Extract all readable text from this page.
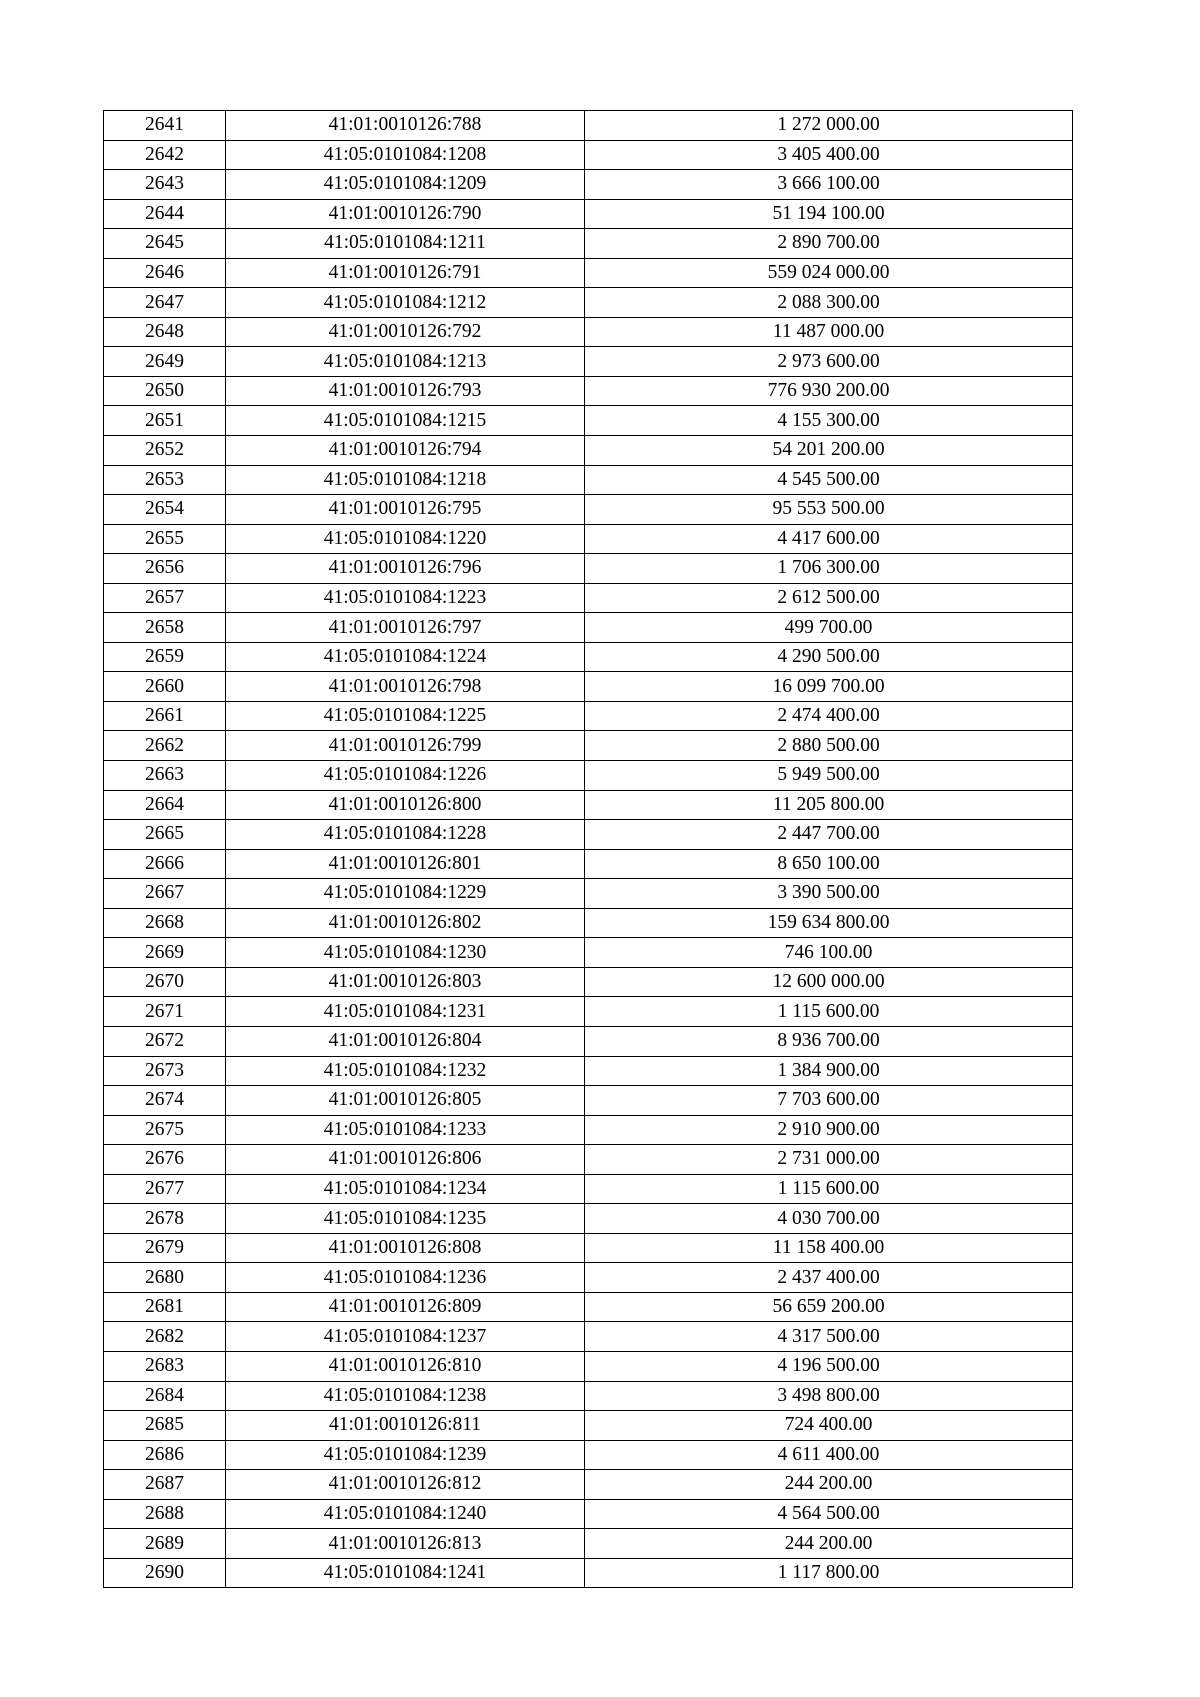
2641	41:01:0010126:788	1 272 000.00
2642	41:05:0101084:1208	3 405 400.00
2643	41:05:0101084:1209	3 666 100.00
2644	41:01:0010126:790	51 194 100.00
2645	41:05:0101084:1211	2 890 700.00
2646	41:01:0010126:791	559 024 000.00
2647	41:05:0101084:1212	2 088 300.00
2648	41:01:0010126:792	11 487 000.00
2649	41:05:0101084:1213	2 973 600.00
2650	41:01:0010126:793	776 930 200.00
2651	41:05:0101084:1215	4 155 300.00
2652	41:01:0010126:794	54 201 200.00
2653	41:05:0101084:1218	4 545 500.00
2654	41:01:0010126:795	95 553 500.00
2655	41:05:0101084:1220	4 417 600.00
2656	41:01:0010126:796	1 706 300.00
2657	41:05:0101084:1223	2 612 500.00
2658	41:01:0010126:797	499 700.00
2659	41:05:0101084:1224	4 290 500.00
2660	41:01:0010126:798	16 099 700.00
2661	41:05:0101084:1225	2 474 400.00
2662	41:01:0010126:799	2 880 500.00
2663	41:05:0101084:1226	5 949 500.00
2664	41:01:0010126:800	11 205 800.00
2665	41:05:0101084:1228	2 447 700.00
2666	41:01:0010126:801	8 650 100.00
2667	41:05:0101084:1229	3 390 500.00
2668	41:01:0010126:802	159 634 800.00
2669	41:05:0101084:1230	746 100.00
2670	41:01:0010126:803	12 600 000.00
2671	41:05:0101084:1231	1 115 600.00
2672	41:01:0010126:804	8 936 700.00
2673	41:05:0101084:1232	1 384 900.00
2674	41:01:0010126:805	7 703 600.00
2675	41:05:0101084:1233	2 910 900.00
2676	41:01:0010126:806	2 731 000.00
2677	41:05:0101084:1234	1 115 600.00
2678	41:05:0101084:1235	4 030 700.00
2679	41:01:0010126:808	11 158 400.00
2680	41:05:0101084:1236	2 437 400.00
2681	41:01:0010126:809	56 659 200.00
2682	41:05:0101084:1237	4 317 500.00
2683	41:01:0010126:810	4 196 500.00
2684	41:05:0101084:1238	3 498 800.00
2685	41:01:0010126:811	724 400.00
2686	41:05:0101084:1239	4 611 400.00
2687	41:01:0010126:812	244 200.00
2688	41:05:0101084:1240	4 564 500.00
2689	41:01:0010126:813	244 200.00
2690	41:05:0101084:1241	1 117 800.00
